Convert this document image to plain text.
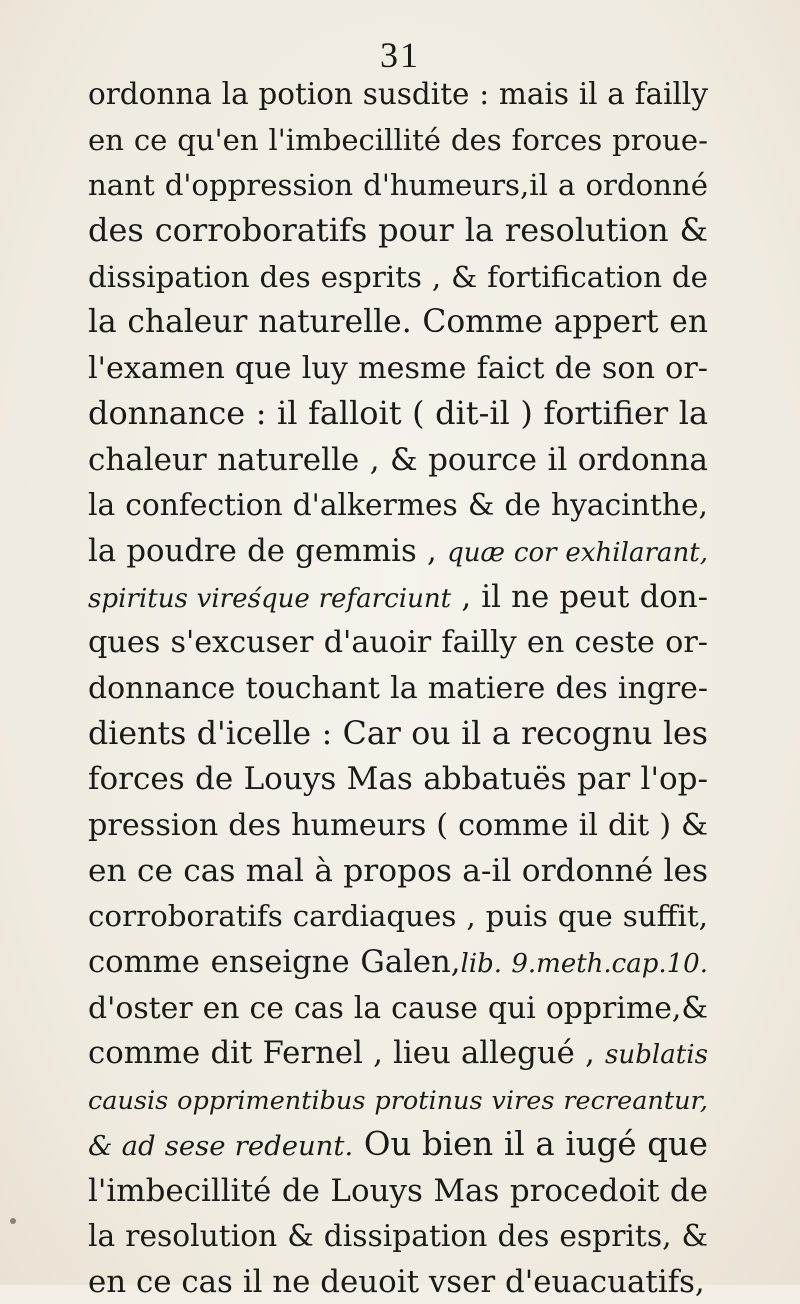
31
ordonna la potion susdite : mais il a failly
en ce qu'en l'imbecillité des forces proue-
nant d'oppression d'humeurs,il a ordonné
des corroboratifs pour la resolution &
dissipation des esprits , & fortification de
la chaleur naturelle. Comme appert en
l'examen que luy mesme faict de son or-
donnance : il falloit ( dit-il ) fortifier la
chaleur naturelle , & pource il ordonna
la confection d'alkermes & de hyacinthe,
la poudre de gemmis , quæ cor exhilarant,
spiritus vireśque refarciunt , il ne peut don-
ques s'excuser d'auoir failly en ceste or-
donnance touchant la matiere des ingre-
dients d'icelle : Car ou il a recognu les
forces de Louys Mas abbatuës par l'op-
pression des humeurs ( comme il dit ) &
en ce cas mal à propos a-il ordonné les
corroboratifs cardiaques , puis que suffit,
comme enseigne Galen,lib. 9.meth.cap.10.
d'oster en ce cas la cause qui opprime,&
comme dit Fernel , lieu allegué , sublatis
causis opprimentibus protinus vires recreantur,
& ad sese redeunt. Ou bien il a iugé que
l'imbecillité de Louys Mas procedoit de
la resolution & dissipation des esprits, &
en ce cas il ne deuoit vser d'euacuatifs,
